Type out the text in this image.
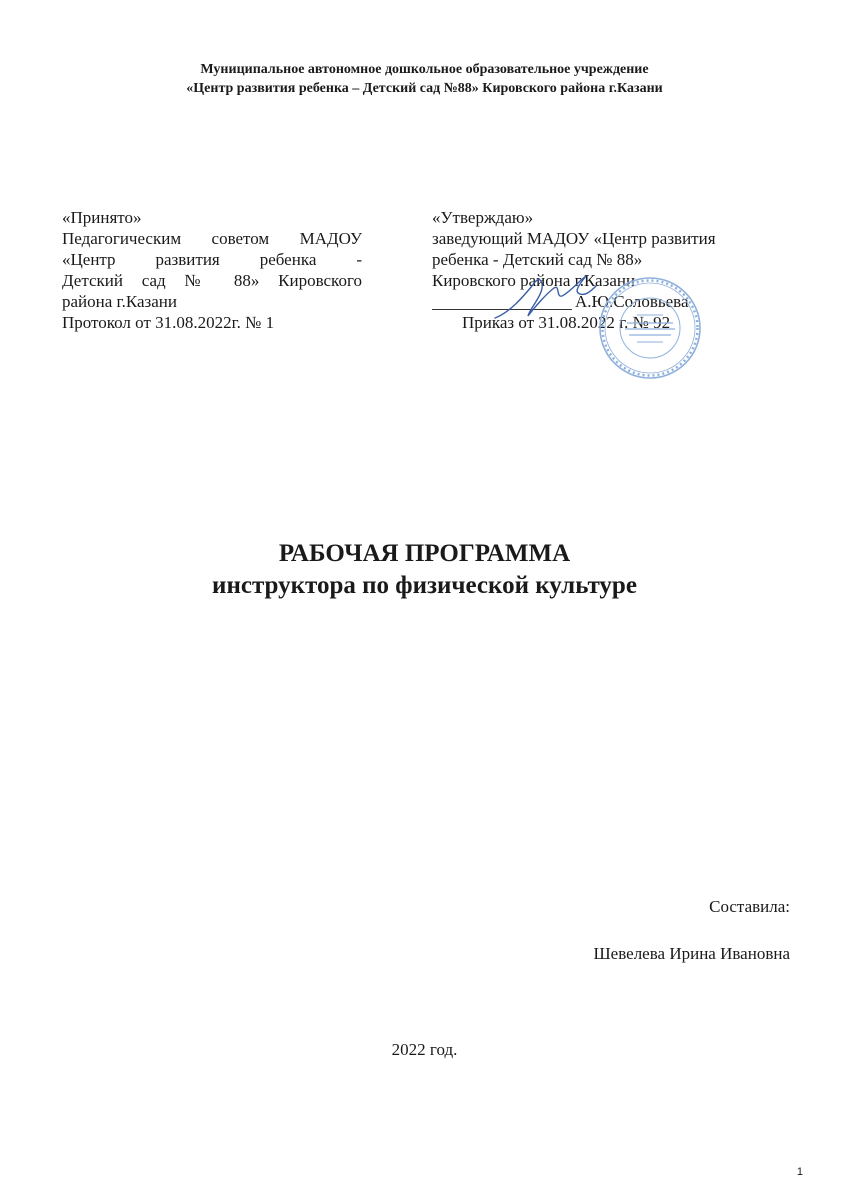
Муниципальное автономное дошкольное образовательное учреждение
«Центр развития ребенка – Детский сад №88» Кировского района г.Казани
«Принято»
Педагогическим советом МАДОУ
«Центр развития ребенка -
Детский сад № 88» Кировского
района г.Казани
Протокол от 31.08.2022г. № 1
«Утверждаю»
заведующий МАДОУ «Центр развития
ребенка - Детский сад № 88»
Кировского района г.Казани
А.Ю.Соловьева
Приказ от 31.08.2022 г. № 92
РАБОЧАЯ ПРОГРАММА
инструктора по физической культуре
Составила:
Шевелева Ирина Ивановна
2022 год.
1
